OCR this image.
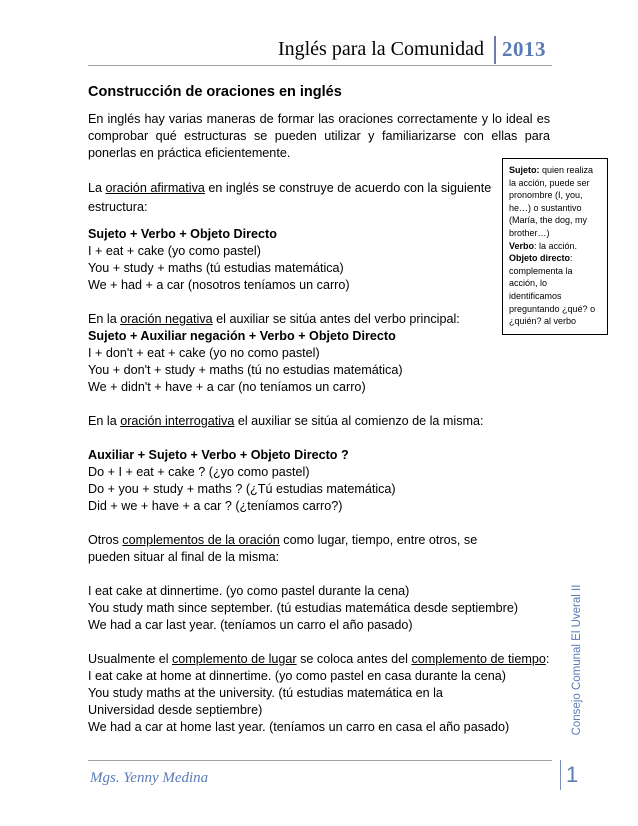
Inglés para la Comunidad 2013

Construcción de oraciones en inglés

En inglés hay varias maneras de formar las oraciones correctamente y lo ideal es comprobar qué estructuras se pueden utilizar y familiarizarse con ellas para ponerlas en práctica eficientemente.

La oración afirmativa en inglés se construye de acuerdo con la siguiente estructura:

Sujeto + Verbo + Objeto Directo

I + eat + cake (yo como pastel)

You + study + maths (tú estudias matemática)

We + had + a car (nosotros teníamos un carro)

En la oración negativa el auxiliar se sitúa antes del verbo principal:

Sujeto + Auxiliar negación + Verbo + Objeto Directo

I + don't + eat + cake (yo no como pastel)

You + don't + study + maths (tú no estudias matemática)

We + didn't + have + a car (no teníamos un carro)

En la oración interrogativa el auxiliar se sitúa al comienzo de la misma:

Auxiliar + Sujeto + Verbo + Objeto Directo ?

Do + I + eat + cake ? (¿yo como pastel)

Do + you + study + maths ? (¿Tú estudias matemática)

Did + we + have + a car ? (¿teníamos carro?)

Otros complementos de la oración como lugar, tiempo, entre otros, se pueden situar al final de la misma:

I eat cake at dinnertime. (yo como pastel durante la cena)

You study math since september. (tú estudias matemática desde septiembre)

We had a car last year. (teníamos un carro el año pasado)

Usualmente el complemento de lugar se coloca antes del complemento de tiempo:

I eat cake at home at dinnertime. (yo como pastel en casa durante la cena)

You study maths at the university. (tú estudias matemática en la Universidad desde septiembre)

We had a car at home last year. (teníamos un carro en casa el año pasado)

Sujeto: quien realiza la acción, puede ser pronombre (I, you, he…) o sustantivo (María, the dog, my brother…)

Verbo: la acción.

Objeto directo: complementa la acción, lo identificamos preguntando ¿qué? o ¿quién? al verbo

Consejo Comunal El Uveral II
Mgs. Yenny Medina	1
